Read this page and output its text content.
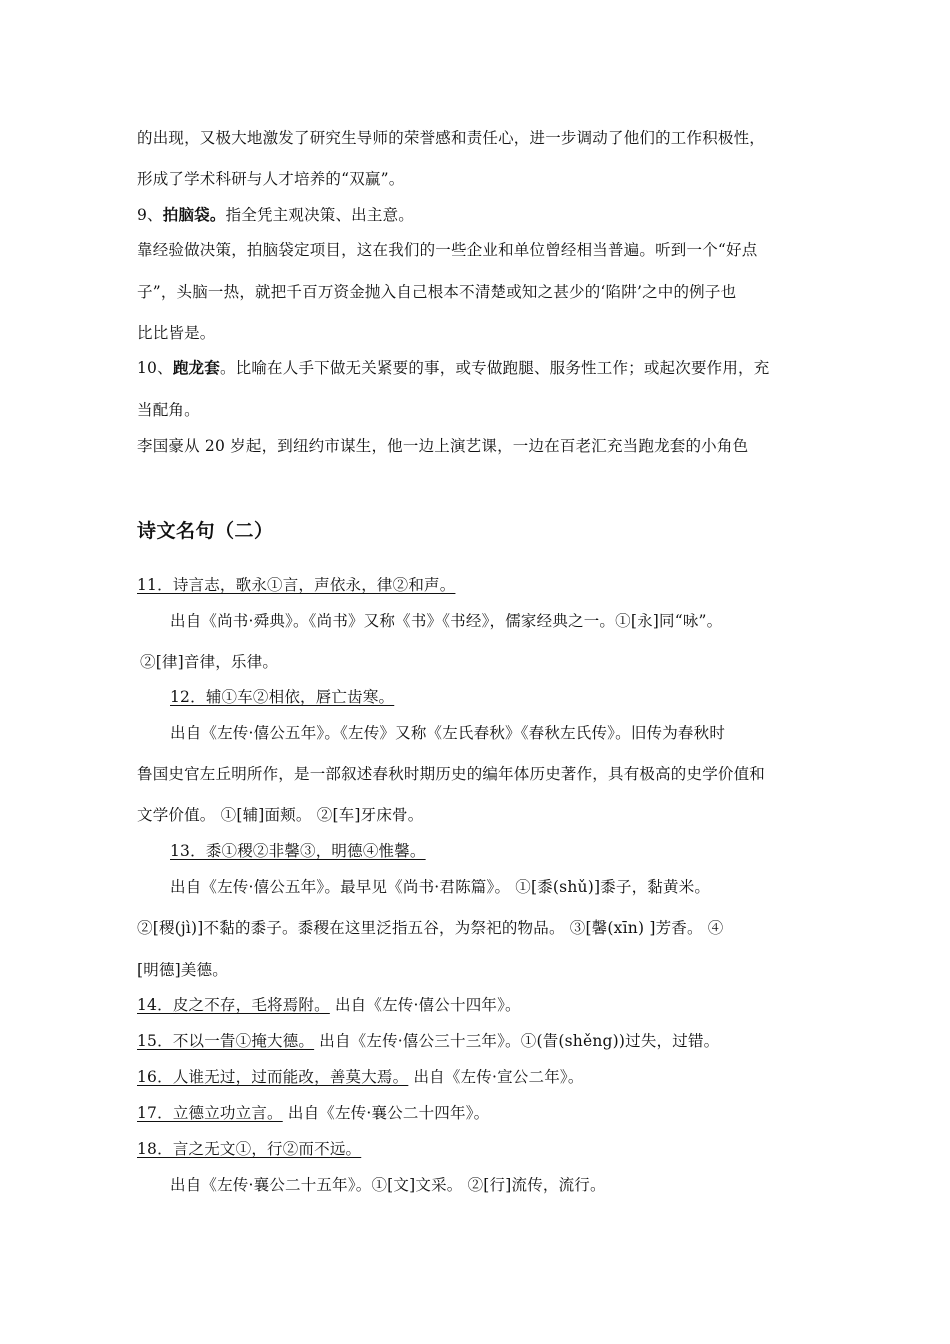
的出现，又极大地激发了研究生导师的荣誉感和责任心，进一步调动了他们的工作积极性，
形成了学术科研与人才培养的“双赢”。
9、拍脑袋。指全凭主观决策、出主意。
靠经验做决策，拍脑袋定项目，这在我们的一些企业和单位曾经相当普遍。听到一个“好点
子”，头脑一热，就把千百万资金抛入自己根本不清楚或知之甚少的‘陷阱’之中的例子也
比比皆是。
10、跑龙套。比喻在人手下做无关紧要的事，或专做跑腿、服务性工作；或起次要作用，充
当配角。
李国豪从 20 岁起，到纽约市谋生，他一边上演艺课，一边在百老汇充当跑龙套的小角色
诗文名句（二）
11．诗言志，歌永①言，声依永，律②和声。
出自《尚书·舜典》。《尚书》又称《书》《书经》，儒家经典之一。①[永]同“咏”。
②[律]音律，乐律。
12．辅①车②相依，唇亡齿寒。
出自《左传·僖公五年》。《左传》又称《左氏春秋》《春秋左氏传》。旧传为春秋时
鲁国史官左丘明所作，是一部叙述春秋时期历史的编年体历史著作，具有极高的史学价值和
文学价值。 ①[辅]面颊。 ②[车]牙床骨。
13．黍①稷②非馨③，明德④惟馨。
出自《左传·僖公五年》。最早见《尚书·君陈篇》。 ①[黍(shǔ)]黍子，黏黄米。
②[稷(jì)]不黏的黍子。黍稷在这里泛指五谷，为祭祀的物品。 ③[馨(xīn) ]芳香。 ④
[明德]美德。
14．皮之不存，毛将焉附。 出自《左传·僖公十四年》。
15．不以一眚①掩大德。 出自《左传·僖公三十三年》。①(眚(shěng))过失，过错。
16．人谁无过，过而能改，善莫大焉。 出自《左传·宣公二年》。
17．立德立功立言。 出自《左传·襄公二十四年》。
18．言之无文①，行②而不远。
出自《左传·襄公二十五年》。①[文]文采。 ②[行]流传，流行。
